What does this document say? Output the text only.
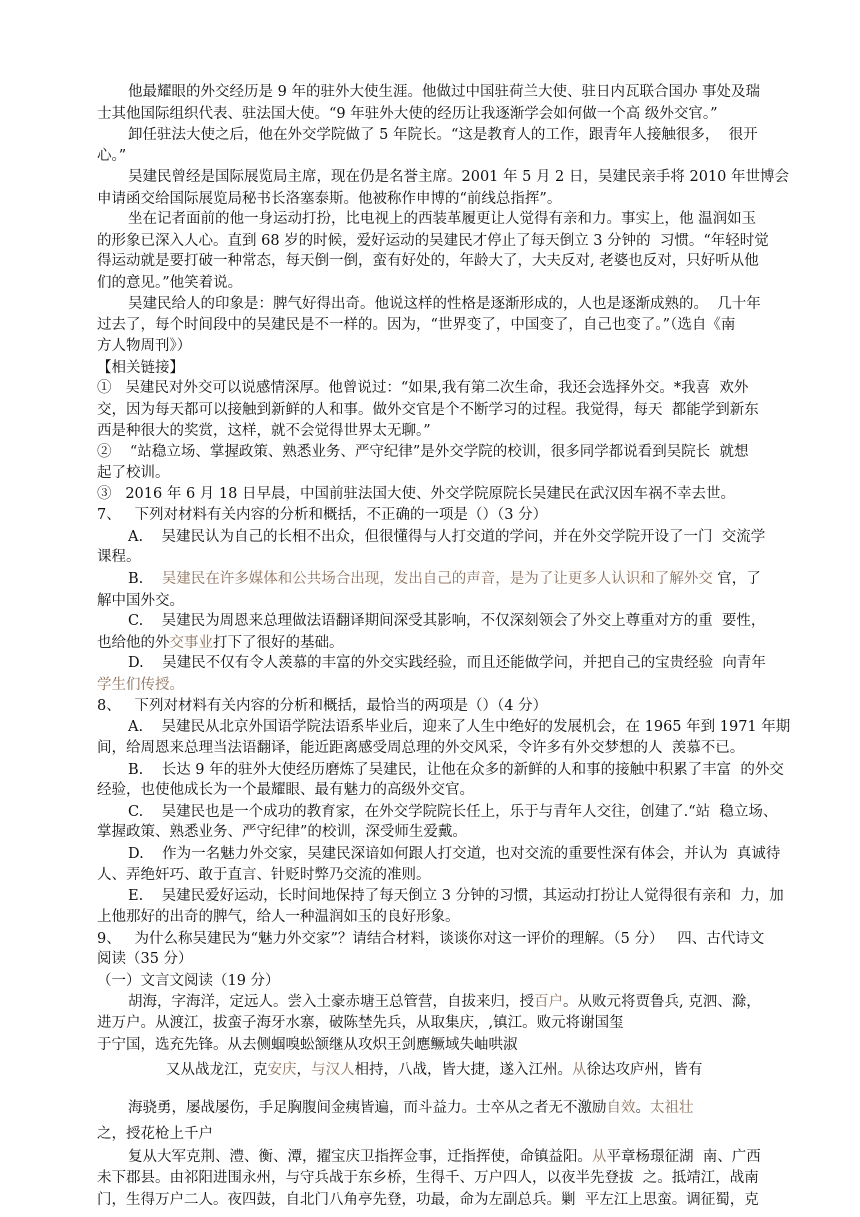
他最耀眼的外交经历是 9 年的驻外大使生涯。他做过中国驻荷兰大使、驻日内瓦联合国办 事处及瑞
士其他国际组织代表、驻法国大使。“9 年驻外大使的经历让我逐渐学会如何做一个高 级外交官。”
卸任驻法大使之后，他在外交学院做了 5 年院长。“这是教育人的工作，跟青年人接触很多，  很开
心。”
吴建民曾经是国际展览局主席，现在仍是名誉主席。2001 年 5 月 2 日，吴建民亲手将 2010 年世博会
申请函交给国际展览局秘书长洛塞泰斯。他被称作申博的“前线总指挥”。
坐在记者面前的他一身运动打扮，比电视上的西装革履更让人觉得有亲和力。事实上，他 温润如玉
的形象已深入人心。直到 68 岁的时候，爱好运动的吴建民才停止了每天倒立 3 分钟的  习惯。“年轻时觉
得运动就是要打破一种常态，每天倒一倒，蛮有好处的，年龄大了，大夫反对, 老婆也反对，只好听从他
们的意见。”他笑着说。
吴建民给人的印象是：脾气好得出奇。他说这样的性格是逐渐形成的，人也是逐渐成熟的。  几十年
过去了，每个时间段中的吴建民是不一样的。因为，“世界变了，中国变了，自己也变了。”（选自《南
方人物周刊》）
【相关链接】
①   吴建民对外交可以说感情深厚。他曾说过：“如果,我有第二次生命，我还会选择外交。*我喜  欢外
交，因为每天都可以接触到新鲜的人和事。做外交官是个不断学习的过程。我觉得，每天  都能学到新东
西是种很大的奖赏，这样，就不会觉得世界太无聊。”
②    “站稳立场、掌握政策、熟悉业务、严守纪律”是外交学院的校训，很多同学都说看到吴院长  就想
起了校训。
③   2016 年 6 月 18 日早晨，中国前驻法国大使、外交学院原院长吴建民在武汉因车祸不幸去世。
7、   下列对材料有关内容的分析和概括，不正确的一项是（）（3 分）
A.    吴建民认为自己的长相不出众，但很懂得与人打交道的学问，并在外交学院开设了一门  交流学
课程。
B.    吴建民在许多媒体和公共场合出现，发出自己的声音，是为了让更多人认识和了解外交 官，了
解中国外交。
C.    吴建民为周恩来总理做法语翻译期间深受其影响，不仅深刻领会了外交上尊重对方的重  要性，
也给他的外交事业打下了很好的基础。
D.    吴建民不仅有令人羡慕的丰富的外交实践经验，而且还能做学问，并把自己的宝贵经验  向青年
学生们传授。
8、   下列对材料有关内容的分析和概括，最恰当的两项是（）（4 分）
A.    吴建民从北京外国语学院法语系毕业后，迎来了人生中绝好的发展机会，在 1965 年到 1971 年期
间，给周恩来总理当法语翻译，能近距离感受周总理的外交风采，令许多有外交梦想的人  羡慕不已。
B.    长达 9 年的驻外大使经历磨炼了吴建民，让他在众多的新鲜的人和事的接触中积累了丰富  的外交
经验，也使他成长为一个最耀眼、最有魅力的高级外交官。
C.    吴建民也是一个成功的教育家，在外交学院院长任上，乐于与青年人交往，创建了.“站  稳立场、
掌握政策、熟悉业务、严守纪律”的校训，深受师生爱戴。
D.    作为一名魅力外交家，吴建民深谙如何跟人打交道，也对交流的重要性深有体会，并认为  真诚待
人、弄绝奸巧、敢于直言、针贬时弊乃交流的准则。
E.    吴建民爱好运动，长时间地保持了每天倒立 3 分钟的习惯，其运动打扮让人觉得很有亲和  力，加
上他那好的出奇的脾气，给人一种温润如玉的良好形象。
9、   为什么称吴建民为“魅力外交家”？请结合材料，谈谈你对这一评价的理解。（5 分）   四、古代诗文
阅读（35 分）
（一）文言文阅读（19 分）
胡海，字海洋，定远人。尝入土豪赤塘王总管营，自拔来归，授百户。从败元将贾鲁兵, 克泗、滁，
进万户。从渡江，拔蛮子海牙水寨，破陈埜先兵，从取集庆，,镇江。败元将谢国玺
于宁国，选充先锋。从去侧蝈嗅蚣颔继从攻炽王剑應鳜域失岫哄淑
又从战龙江，克安庆，与汉人相持，八战，皆大捷，遂入江州。从徐达攻庐州，皆有
海骁勇，屡战屡伤，手足胸腹间金痍皆遍，而斗益力。士卒从之者无不激励自效。太祖壮
之，授花枪上千户
复从大军克荆、澧、衡、潭，擢宝庆卫指挥佥事，迁指挥使，命镇益阳。从平章杨璟征湖  南、广西
未下郡县。由祁阳进围永州，与守兵战于东乡桥，生得千、万户四人，以夜半先登拔  之。抵靖江，战南
门，生得万户二人。夜四鼓，自北门八角亭先登，功最，命为左副总兵。剿  平左江上思蛮。调征蜀，克
